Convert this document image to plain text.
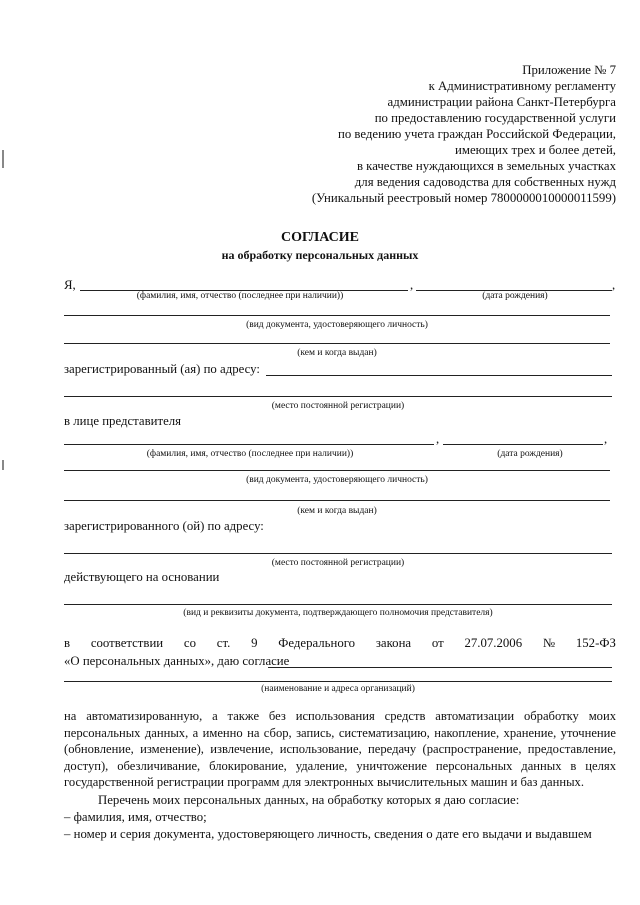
Приложение № 7
к Административному регламенту
администрации района Санкт-Петербурга
по предоставлению государственной услуги
по ведению учета граждан Российской Федерации,
имеющих трех и более детей,
в качестве нуждающихся в земельных участках
для ведения садоводства для собственных нужд
(Уникальный реестровый номер 7800000010000011599)
СОГЛАСИЕ
на обработку персональных данных
Я,	,	,
(фамилия, имя, отчество (последнее при наличии))	(дата рождения)
(вид документа, удостоверяющего личность)
(кем и когда выдан)
зарегистрированный (ая) по адресу:
(место постоянной регистрации)
в лице представителя
,	,
(фамилия, имя, отчество (последнее при наличии))	(дата рождения)
(вид документа, удостоверяющего личность)
(кем и когда выдан)
зарегистрированного (ой) по адресу:
(место постоянной регистрации)
действующего на основании
(вид и реквизиты документа, подтверждающего полномочия представителя)
в соответствии со ст. 9 Федерального закона от 27.07.2006 № 152-ФЗ
«О персональных данных», даю согласие
(наименование и адреса организаций)
на автоматизированную, а также без использования средств автоматизации обработку моих персональных данных, а именно на сбор, запись, систематизацию, накопление, хранение, уточнение (обновление, изменение), извлечение, использование, передачу (распространение, предоставление, доступ), обезличивание, блокирование, удаление, уничтожение персональных данных в целях государственной регистрации программ для электронных вычислительных машин и баз данных.
Перечень моих персональных данных, на обработку которых я даю согласие:
– фамилия, имя, отчество;
– номер и серия документа, удостоверяющего личность, сведения о дате его выдачи и выдавшем
